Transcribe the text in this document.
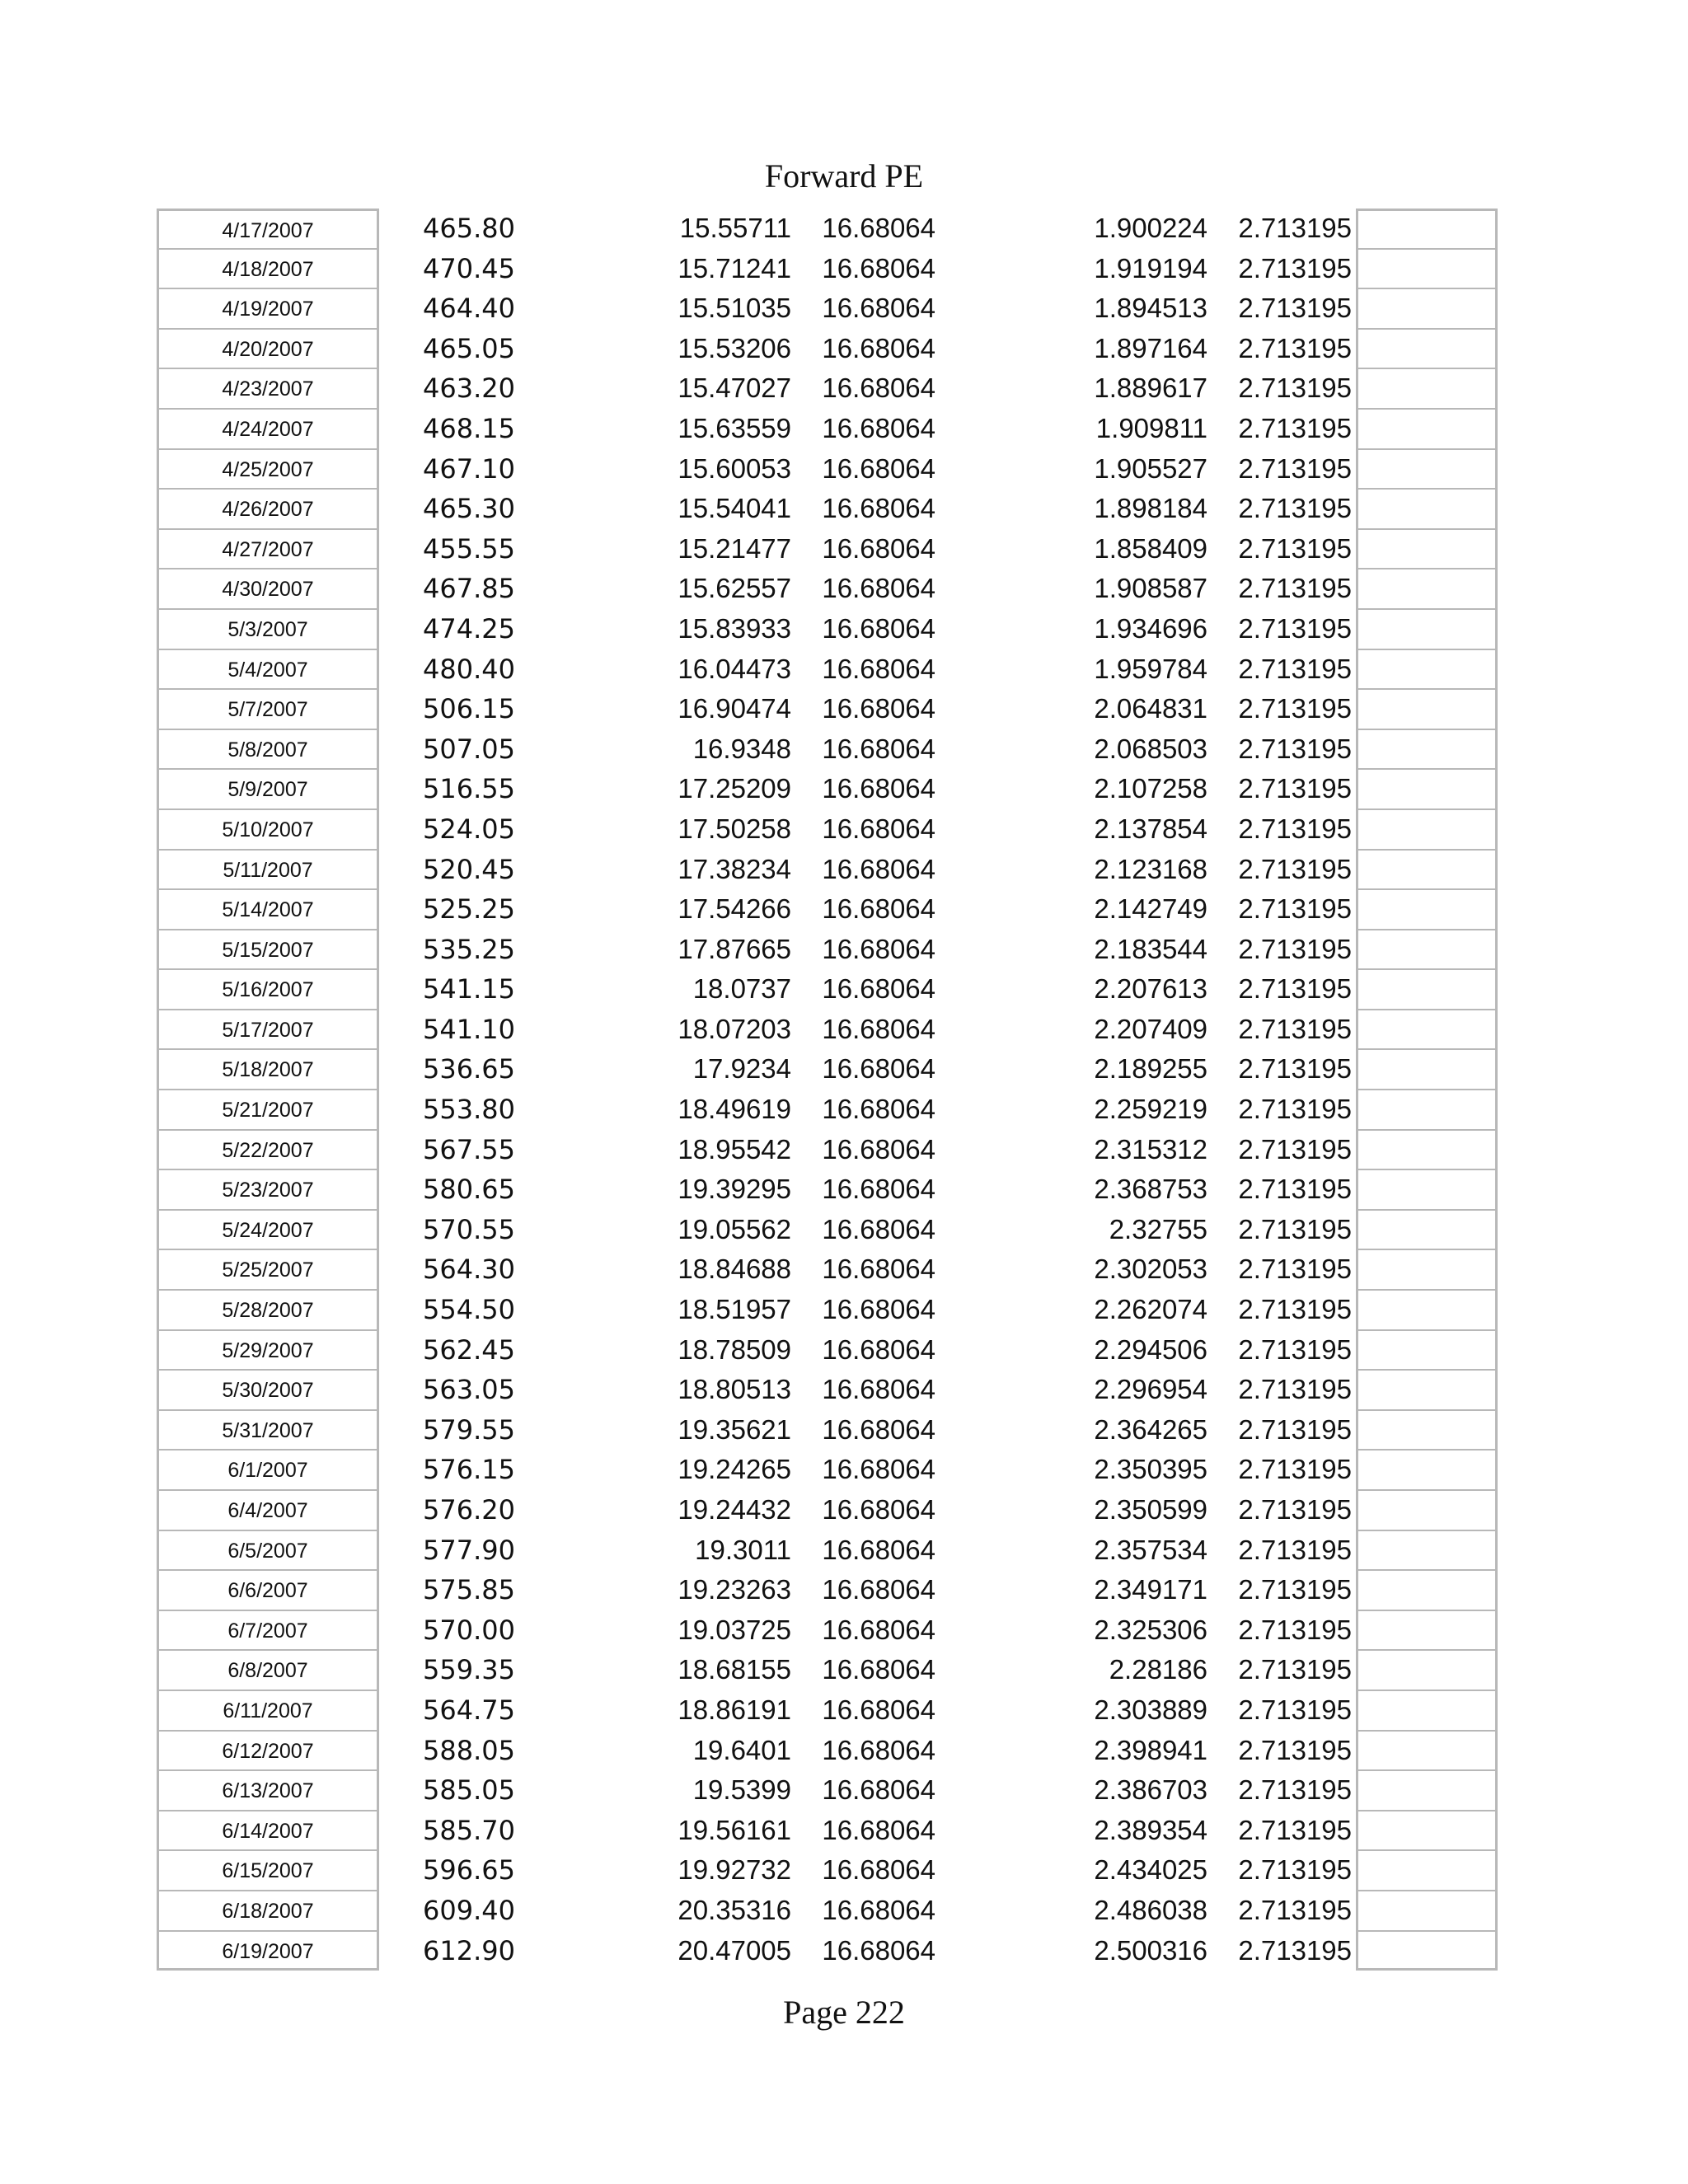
Forward PE
4/17/2007	465.80	15.55711	16.68064	1.900224	2.713195
4/18/2007	470.45	15.71241	16.68064	1.919194	2.713195
4/19/2007	464.40	15.51035	16.68064	1.894513	2.713195
4/20/2007	465.05	15.53206	16.68064	1.897164	2.713195
4/23/2007	463.20	15.47027	16.68064	1.889617	2.713195
4/24/2007	468.15	15.63559	16.68064	1.909811	2.713195
4/25/2007	467.10	15.60053	16.68064	1.905527	2.713195
4/26/2007	465.30	15.54041	16.68064	1.898184	2.713195
4/27/2007	455.55	15.21477	16.68064	1.858409	2.713195
4/30/2007	467.85	15.62557	16.68064	1.908587	2.713195
5/3/2007	474.25	15.83933	16.68064	1.934696	2.713195
5/4/2007	480.40	16.04473	16.68064	1.959784	2.713195
5/7/2007	506.15	16.90474	16.68064	2.064831	2.713195
5/8/2007	507.05	16.9348	16.68064	2.068503	2.713195
5/9/2007	516.55	17.25209	16.68064	2.107258	2.713195
5/10/2007	524.05	17.50258	16.68064	2.137854	2.713195
5/11/2007	520.45	17.38234	16.68064	2.123168	2.713195
5/14/2007	525.25	17.54266	16.68064	2.142749	2.713195
5/15/2007	535.25	17.87665	16.68064	2.183544	2.713195
5/16/2007	541.15	18.0737	16.68064	2.207613	2.713195
5/17/2007	541.10	18.07203	16.68064	2.207409	2.713195
5/18/2007	536.65	17.9234	16.68064	2.189255	2.713195
5/21/2007	553.80	18.49619	16.68064	2.259219	2.713195
5/22/2007	567.55	18.95542	16.68064	2.315312	2.713195
5/23/2007	580.65	19.39295	16.68064	2.368753	2.713195
5/24/2007	570.55	19.05562	16.68064	2.32755	2.713195
5/25/2007	564.30	18.84688	16.68064	2.302053	2.713195
5/28/2007	554.50	18.51957	16.68064	2.262074	2.713195
5/29/2007	562.45	18.78509	16.68064	2.294506	2.713195
5/30/2007	563.05	18.80513	16.68064	2.296954	2.713195
5/31/2007	579.55	19.35621	16.68064	2.364265	2.713195
6/1/2007	576.15	19.24265	16.68064	2.350395	2.713195
6/4/2007	576.20	19.24432	16.68064	2.350599	2.713195
6/5/2007	577.90	19.3011	16.68064	2.357534	2.713195
6/6/2007	575.85	19.23263	16.68064	2.349171	2.713195
6/7/2007	570.00	19.03725	16.68064	2.325306	2.713195
6/8/2007	559.35	18.68155	16.68064	2.28186	2.713195
6/11/2007	564.75	18.86191	16.68064	2.303889	2.713195
6/12/2007	588.05	19.6401	16.68064	2.398941	2.713195
6/13/2007	585.05	19.5399	16.68064	2.386703	2.713195
6/14/2007	585.70	19.56161	16.68064	2.389354	2.713195
6/15/2007	596.65	19.92732	16.68064	2.434025	2.713195
6/18/2007	609.40	20.35316	16.68064	2.486038	2.713195
6/19/2007	612.90	20.47005	16.68064	2.500316	2.713195
Page 222
